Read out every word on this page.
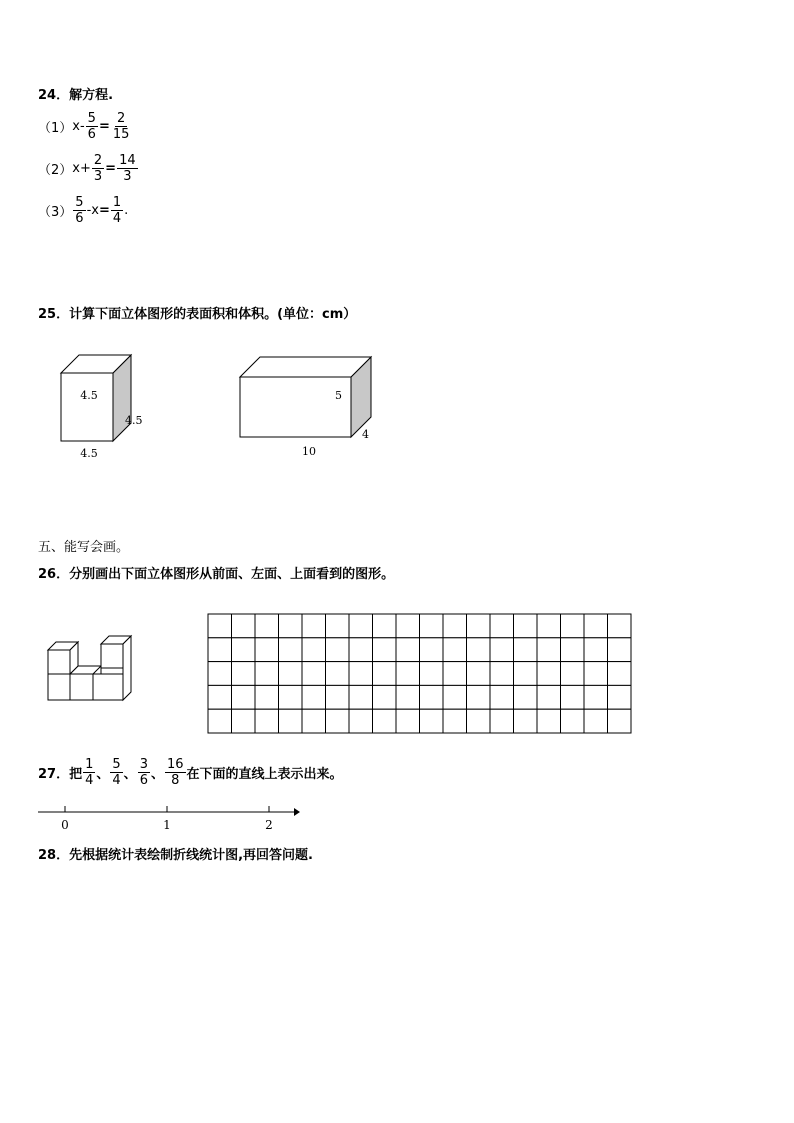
24．解方程.
（1） $x- \frac{5}{6} = \frac{2}{15}$
（2） $x+ \frac{2}{3} = \frac{14}{3}$
$(3) \frac{5}{6} -x = \frac{1}{4}$ .
25．计算下面立体图形的表面积和体积。(单位：cm）
4.5
4.5
4.5
5
4
10
五、能写会画。
26．分别画出下面立体图形从前面、左面、上面看到的图形。
27．把 $\frac{1}{4}$ 、 $\frac{5}{4}$ 、 $\frac{3}{6}$ 、 $\frac{16}{8}$ 在下面的直线上表示出来。
0	1	2
28．先根据统计表绘制折线统计图,再回答问题.
